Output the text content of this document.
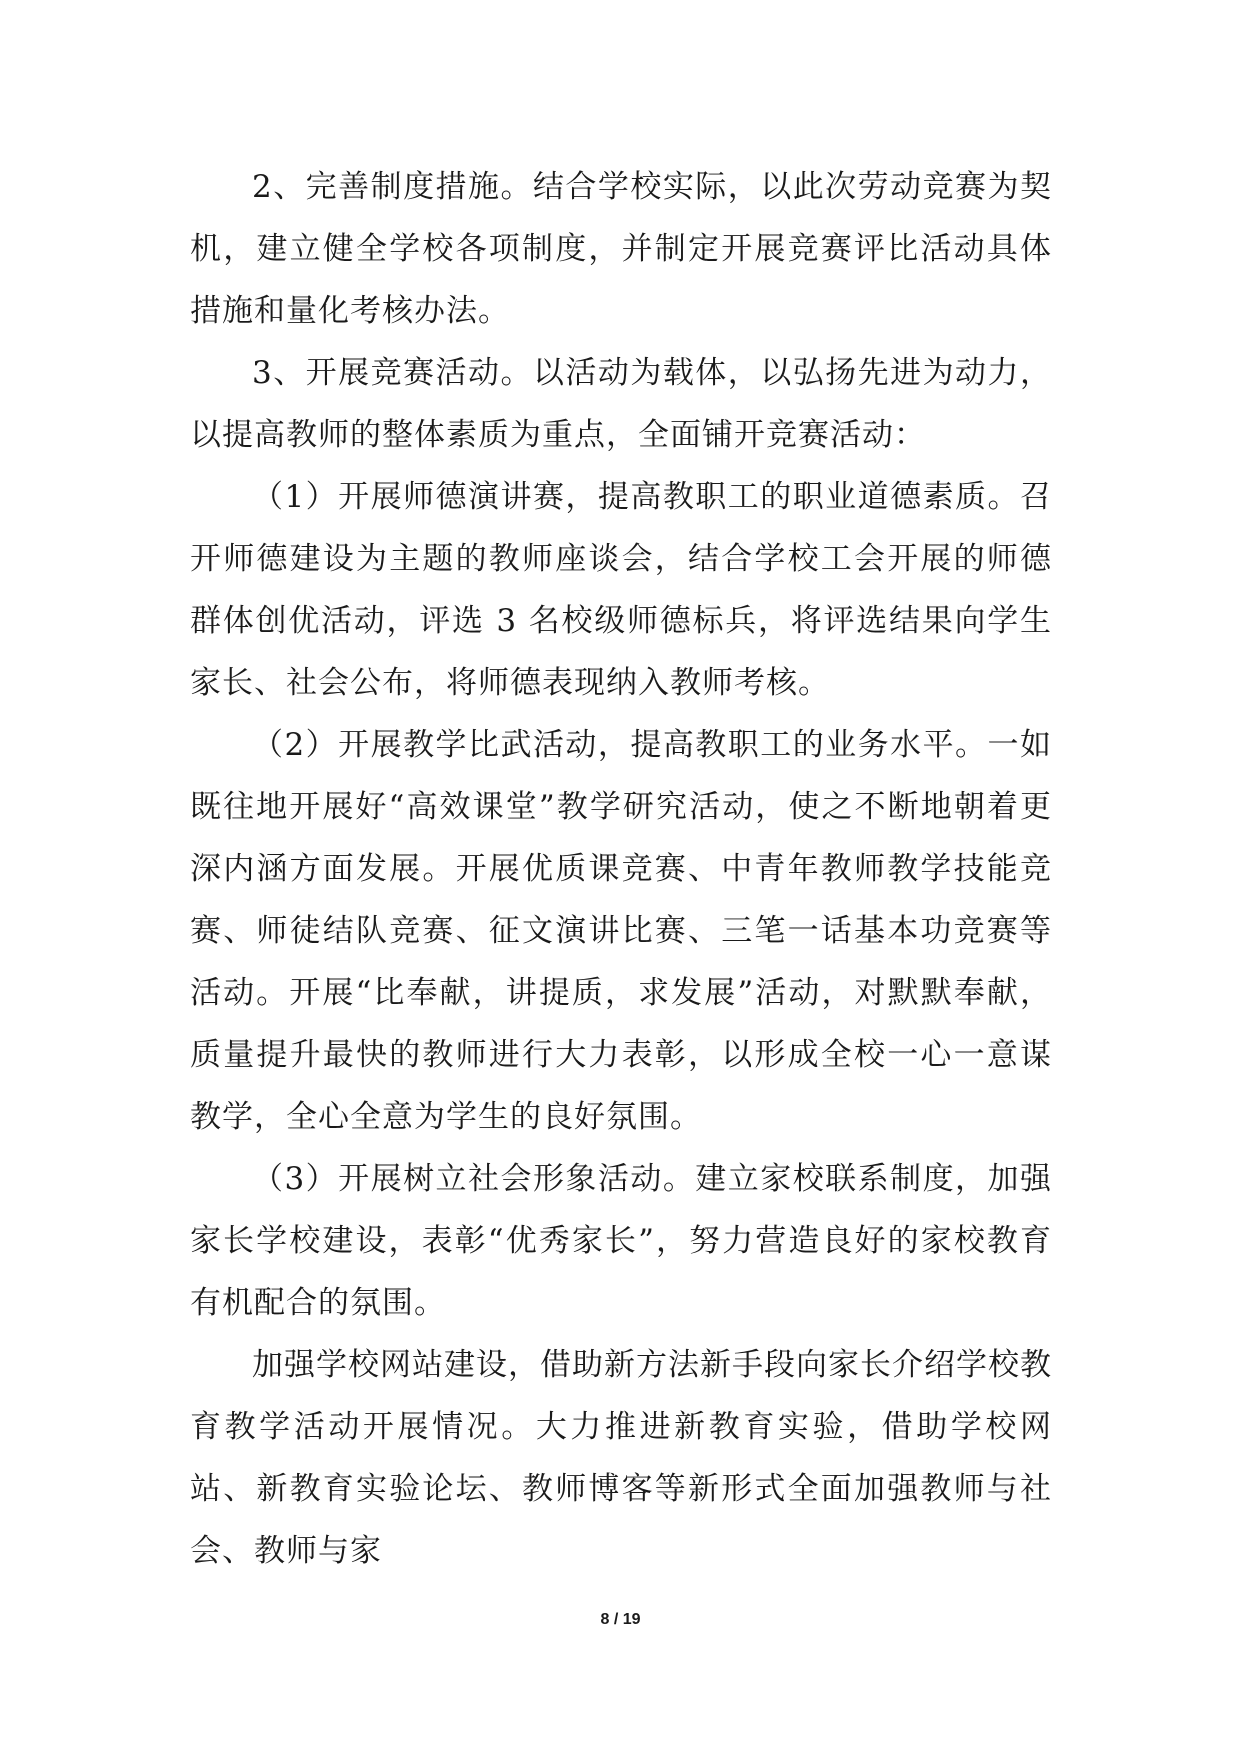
2、完善制度措施。结合学校实际，以此次劳动竞赛为契机，建立健全学校各项制度，并制定开展竞赛评比活动具体措施和量化考核办法。

3、开展竞赛活动。以活动为载体，以弘扬先进为动力，以提高教师的整体素质为重点，全面铺开竞赛活动：

（1）开展师德演讲赛，提高教职工的职业道德素质。召开师德建设为主题的教师座谈会，结合学校工会开展的师德群体创优活动，评选 3 名校级师德标兵，将评选结果向学生家长、社会公布，将师德表现纳入教师考核。

（2）开展教学比武活动，提高教职工的业务水平。一如既往地开展好“高效课堂”教学研究活动，使之不断地朝着更深内涵方面发展。开展优质课竞赛、中青年教师教学技能竞赛、师徒结队竞赛、征文演讲比赛、三笔一话基本功竞赛等活动。开展“比奉献，讲提质，求发展”活动，对默默奉献，质量提升最快的教师进行大力表彰，以形成全校一心一意谋教学，全心全意为学生的良好氛围。

（3）开展树立社会形象活动。建立家校联系制度，加强家长学校建设，表彰“优秀家长”，努力营造良好的家校教育有机配合的氛围。

加强学校网站建设，借助新方法新手段向家长介绍学校教育教学活动开展情况。大力推进新教育实验，借助学校网站、新教育实验论坛、教师博客等新形式全面加强教师与社会、教师与家

8 / 19
